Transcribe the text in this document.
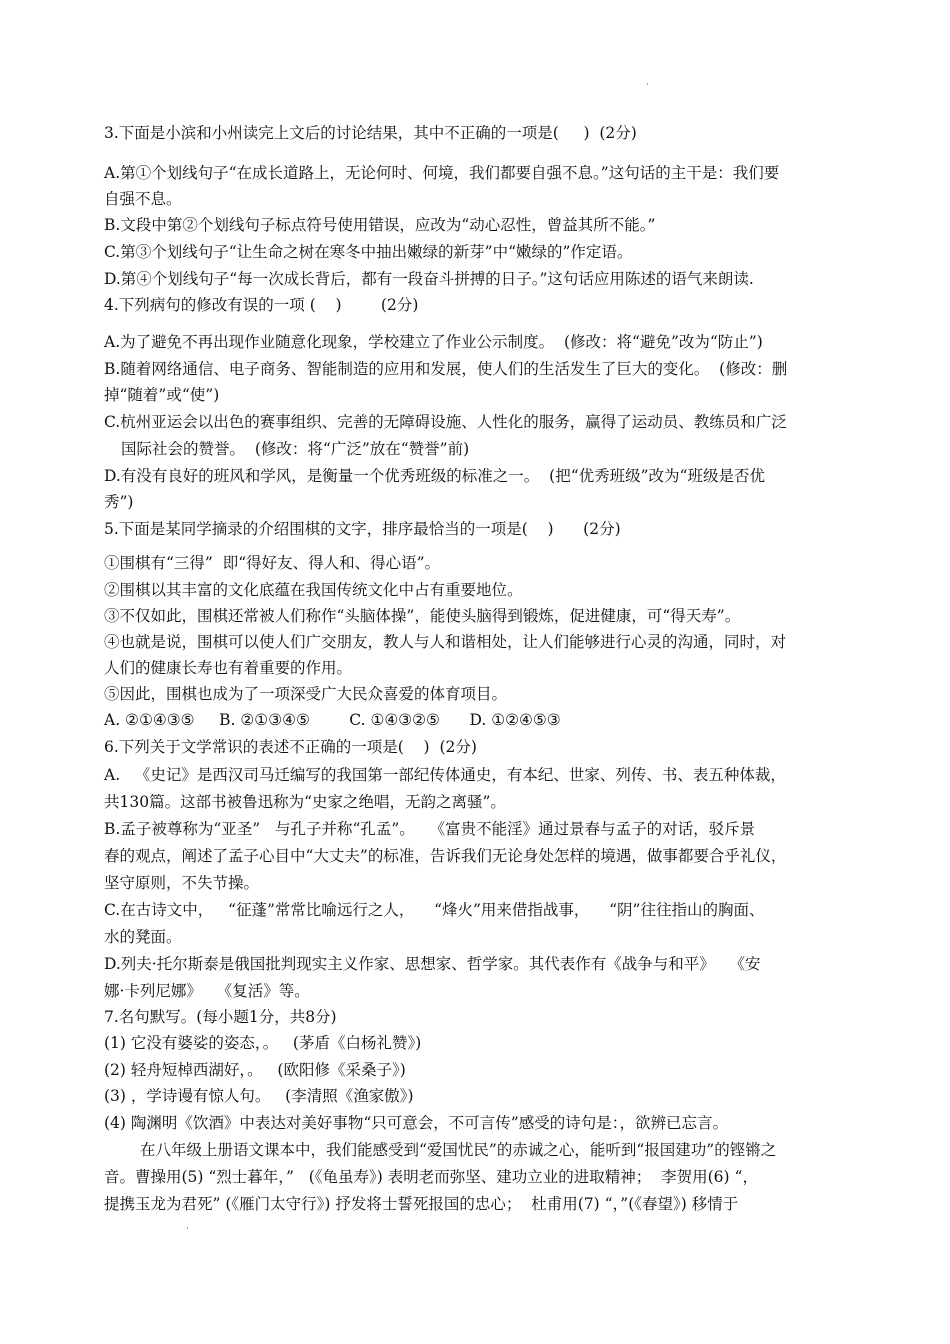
·
3.下面是小滨和小州读完上文后的讨论结果，其中不正确的一项是(     )  (2分)
A.第①个划线句子“在成长道路上，无论何时、何境，我们都要自强不息。”这句话的主干是：我们要
自强不息。
B.文段中第②个划线句子标点符号使用错误，应改为“动心忍性，曾益其所不能。”
C.第③个划线句子“让生命之树在寒冬中抽出嫩绿的新芽”中“嫩绿的”作定语。
D.第④个划线句子“每一次成长背后，都有一段奋斗拼搏的日子。”这句话应用陈述的语气来朗读.
4.下列病句的修改有误的一项 (    )        (2分)
A.为了避免不再出现作业随意化现象，学校建立了作业公示制度。  (修改：将“避免”改为“防止”)
B.随着网络通信、电子商务、智能制造的应用和发展，使人们的生活发生了巨大的变化。  (修改：删
掉“随着”或“使”)
C.杭州亚运会以出色的赛事组织、完善的无障碍设施、人性化的服务，赢得了运动员、教练员和广泛
国际社会的赞誉。  (修改：将“广泛”放在“赞誉”前)
D.有没有良好的班风和学风，是衡量一个优秀班级的标准之一。  (把“优秀班级”改为“班级是否优
秀”)
5.下面是某同学摘录的介绍围棋的文字，排序最恰当的一项是(    )      (2分)
①围棋有“三得”  即“得好友、得人和、得心语”。
②围棋以其丰富的文化底蕴在我国传统文化中占有重要地位。
③不仅如此，围棋还常被人们称作“头脑体操”，能使头脑得到锻炼，促进健康，可“得天寿”。
④也就是说，围棋可以使人们广交朋友，教人与人和谐相处，让人们能够进行心灵的沟通，同时，对
人们的健康长寿也有着重要的作用。
⑤因此，围棋也成为了一项深受广大民众喜爱的体育项目。
A. ②①④③⑤     B. ②①③④⑤        C. ①④③②⑤      D. ①②④⑤③
6.下列关于文学常识的表述不正确的一项是(    )  (2分)
A.   《史记》是西汉司马迁编写的我国第一部纪传体通史，有本纪、世家、列传、书、表五种体裁，
共130篇。这部书被鲁迅称为“史家之绝唱，无韵之离骚”。
B.孟子被尊称为“亚圣”   与孔子并称“孔孟”。   《富贵不能淫》通过景春与孟子的对话，驳斥景
春的观点，阐述了孟子心目中“大丈夫”的标准，告诉我们无论身处怎样的境遇，做事都要合乎礼仪，
坚守原则，不失节操。
C.在古诗文中，   “征蓬”常常比喻远行之人，    “烽火”用来借指战事，    “阴”往往指山的胸面、
水的凳面。
D.列夫·托尔斯泰是俄国批判现实主义作家、思想家、哲学家。其代表作有《战争与和平》   《安
娜·卡列尼娜》   《复活》等。
7.名句默写。(每小题1分，共8分)
(1) 它没有婆娑的姿态，。   (茅盾《白杨礼赞》)
(2) 轻舟短棹西湖好，。   (欧阳修《采桑子》)
(3) ，学诗谩有惊人句。   (李清照《渔家傲》)
(4) 陶渊明《饮酒》中表达对美好事物“只可意会，不可言传”感受的诗句是：，欲辨已忘言。
在八年级上册语文课本中，我们能感受到“爱国忧民”的赤诚之心，能听到“报国建功”的铿锵之
音。曹操用(5) “烈士暮年，”   (《龟虽寿》) 表明老而弥坚、建功立业的进取精神；  李贺用(6) “，
提携玉龙为君死” (《雁门太守行》) 抒发将士誓死报国的忠心；  杜甫用(7) “，”(《春望》) 移情于
·
